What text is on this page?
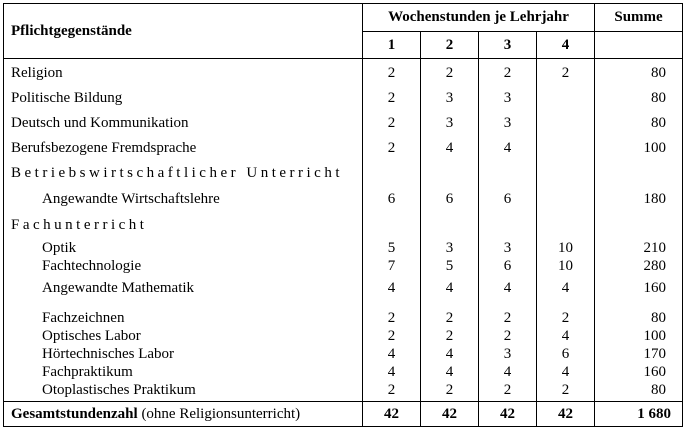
Pflichtgegenstände	Wochenstunden je Lehrjahr				Summe
	1	2	3	4	
Religion	2	2	2	2	80
Politische Bildung	2	3	3		80
Deutsch und Kommunikation	2	3	3		80
Berufsbezogene Fremdsprache	2	4	4		100
Betriebswirtschaftlicher Unterricht					
Angewandte Wirtschaftslehre	6	6	6		180
Fachunterricht					
Optik	5	3	3	10	210
Fachtechnologie	7	5	6	10	280
Angewandte Mathematik	4	4	4	4	160
Fachzeichnen	2	2	2	2	80
Optisches Labor	2	2	2	4	100
Hörtechnisches Labor	4	4	3	6	170
Fachpraktikum	4	4	4	4	160
Otoplastisches Praktikum	2	2	2	2	80
Gesamtstundenzahl (ohne Religionsunterricht)	42	42	42	42	1 680
